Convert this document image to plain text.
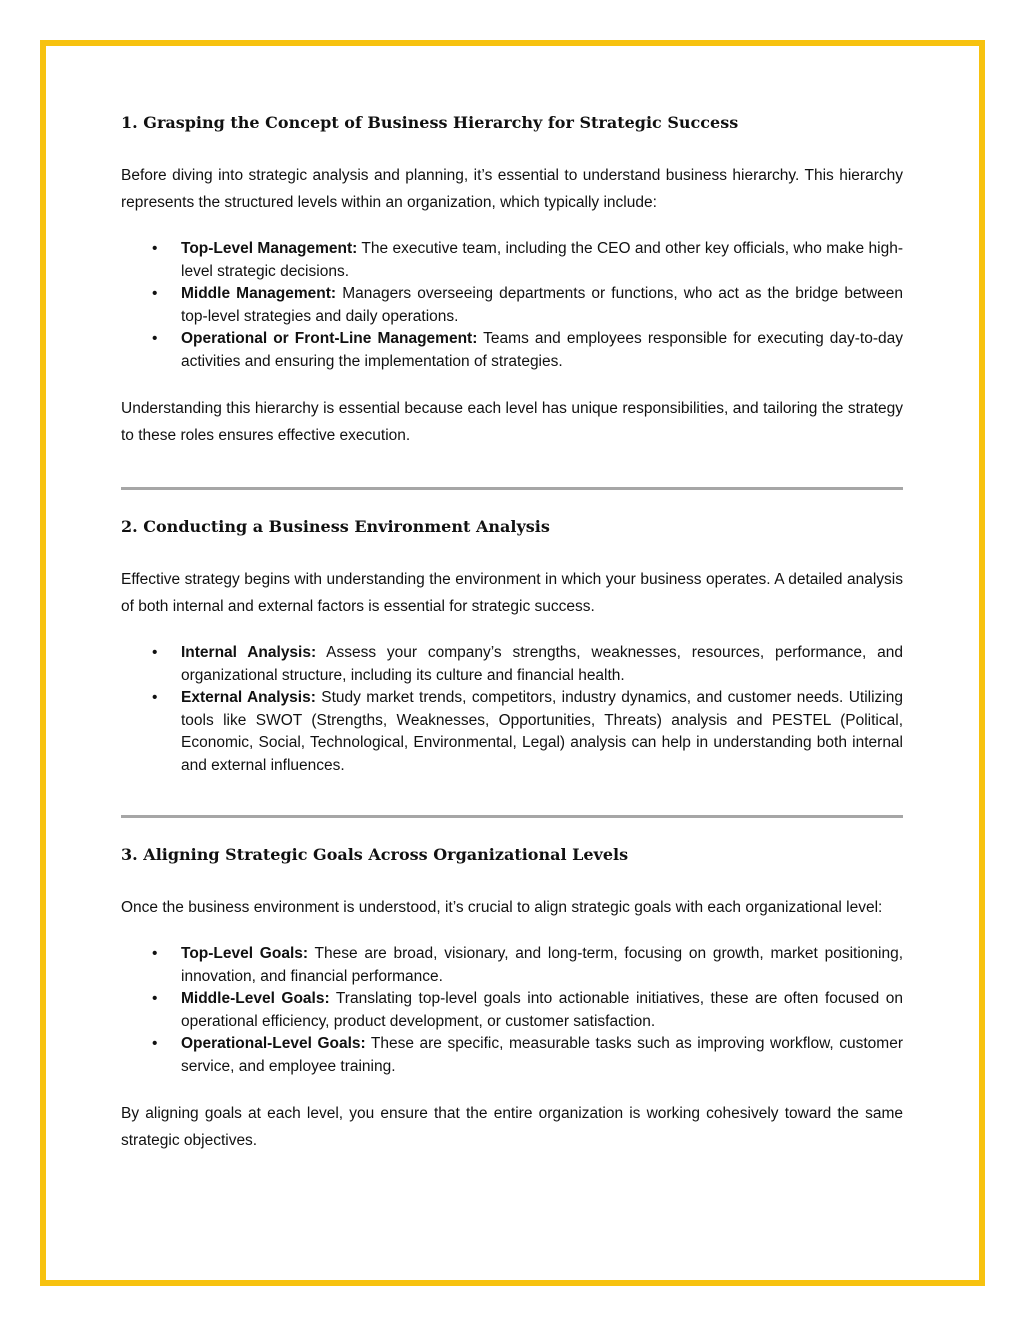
1. Grasping the Concept of Business Hierarchy for Strategic Success

Before diving into strategic analysis and planning, it’s essential to understand business hierarchy. This hierarchy represents the structured levels within an organization, which typically include:

• Top-Level Management: The executive team, including the CEO and other key officials, who make high-level strategic decisions.
• Middle Management: Managers overseeing departments or functions, who act as the bridge between top-level strategies and daily operations.
• Operational or Front-Line Management: Teams and employees responsible for executing day-to-day activities and ensuring the implementation of strategies.

Understanding this hierarchy is essential because each level has unique responsibilities, and tailoring the strategy to these roles ensures effective execution.

2. Conducting a Business Environment Analysis

Effective strategy begins with understanding the environment in which your business operates. A detailed analysis of both internal and external factors is essential for strategic success.

• Internal Analysis: Assess your company’s strengths, weaknesses, resources, performance, and organizational structure, including its culture and financial health.
• External Analysis: Study market trends, competitors, industry dynamics, and customer needs. Utilizing tools like SWOT (Strengths, Weaknesses, Opportunities, Threats) analysis and PESTEL (Political, Economic, Social, Technological, Environmental, Legal) analysis can help in understanding both internal and external influences.
3. Aligning Strategic Goals Across Organizational Levels

Once the business environment is understood, it’s crucial to align strategic goals with each organizational level:

• Top-Level Goals: These are broad, visionary, and long-term, focusing on growth, market positioning, innovation, and financial performance.
• Middle-Level Goals: Translating top-level goals into actionable initiatives, these are often focused on operational efficiency, product development, or customer satisfaction.
• Operational-Level Goals: These are specific, measurable tasks such as improving workflow, customer service, and employee training.

By aligning goals at each level, you ensure that the entire organization is working cohesively toward the same strategic objectives.
